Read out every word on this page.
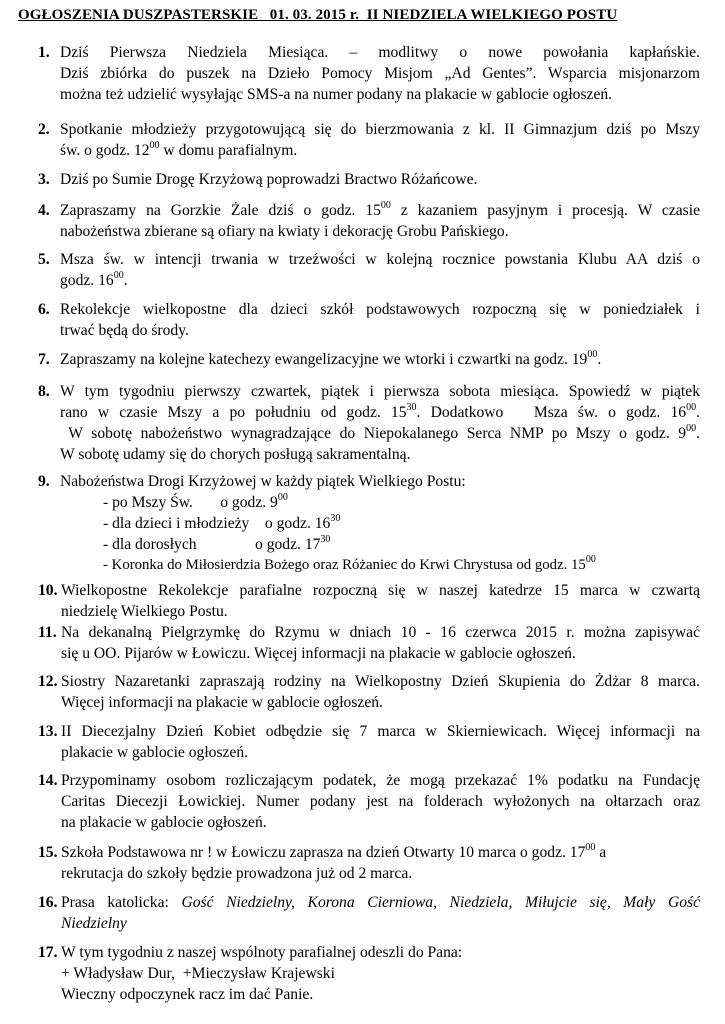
OGŁOSZENIA DUSZPASTERSKIE   01. 03. 2015 r.  II NIEDZIELA WIELKIEGO POSTU
1. Dziś Pierwsza Niedziela Miesiąca. – modlitwy o nowe powołania kapłańskie.
Dziś zbiórka do puszek na Dzieło Pomocy Misjom „Ad Gentes”. Wsparcia misjonarzom
można też udzielić wysyłając SMS-a na numer podany na plakacie w gablocie ogłoszeń.
2. Spotkanie młodzieży przygotowującą się do bierzmowania z kl. II Gimnazjum dziś po Mszy
św. o godz. $12^{00}$ w domu parafialnym.
3. Dziś po Sumie Drogę Krzyżową poprowadzi Bractwo Różańcowe.
4. Zapraszamy na Gorzkie Żale dziś o godz. $15^{00}$ z kazaniem pasyjnym i procesją. W czasie
nabożeństwa zbierane są ofiary na kwiaty i dekorację Grobu Pańskiego.
5. Msza św. w intencji trwania w trzeźwości w kolejną rocznice powstania Klubu AA dziś o
godz. $16^{00}$.
6. Rekolekcje wielkopostne dla dzieci szkół podstawowych rozpoczną się w poniedziałek i
trwać będą do środy.
7. Zapraszamy na kolejne katechezy ewangelizacyjne we wtorki i czwartki na godz. $19^{00}$.
8. W tym tygodniu pierwszy czwartek, piątek i pierwsza sobota miesiąca. Spowiedź w piątek
rano w czasie Mszy a po południu od godz. $15^{30}$. Dodatkowo   Msza św. o godz. $16^{00}$.
W sobotę nabożeństwo wynagradzające do Niepokalanego Serca NMP po Mszy o godz. $9^{00}$.
W sobotę udamy się do chorych posługą sakramentalną.
9. Nabożeństwa Drogi Krzyżowej w każdy piątek Wielkiego Postu:
- po Mszy Św.       o godz. $9^{00}$
- dla dzieci i młodzieży    o godz. $16^{30}$
- dla dorosłych               o godz. $17^{30}$
- Koronka do Miłosierdzia Bożego oraz Różaniec do Krwi Chrystusa od godz. $15^{00}$
10. Wielkopostne Rekolekcje parafialne rozpoczną się w naszej katedrze 15 marca w czwartą
niedzielę Wielkiego Postu.
11. Na dekanalną Pielgrzymkę do Rzymu w dniach 10 - 16 czerwca 2015 r. można zapisywać
się u OO. Pijarów w Łowiczu. Więcej informacji na plakacie w gablocie ogłoszeń.
12. Siostry Nazaretanki zapraszają rodziny na Wielkopostny Dzień Skupienia do Żdżar 8 marca.
Więcej informacji na plakacie w gablocie ogłoszeń.
13. II Diecezjalny Dzień Kobiet odbędzie się 7 marca w Skierniewicach. Więcej informacji na
plakacie w gablocie ogłoszeń.
14. Przypominamy osobom rozliczającym podatek, że mogą przekazać 1% podatku na Fundację
Caritas Diecezji Łowickiej. Numer podany jest na folderach wyłożonych na ołtarzach oraz
na plakacie w gablocie ogłoszeń.
15. Szkoła Podstawowa nr ! w Łowiczu zaprasza na dzień Otwarty 10 marca o godz. $17^{00}$ a
rekrutacja do szkoły będzie prowadzona już od 2 marca.
16. Prasa katolicka: Gość Niedzielny, Korona Cierniowa, Niedziela, Miłujcie się, Mały Gość
Niedzielny
17. W tym tygodniu z naszej wspólnoty parafialnej odeszli do Pana:
+ Władysław Dur,  +Mieczysław Krajewski
Wieczny odpoczynek racz im dać Panie.
